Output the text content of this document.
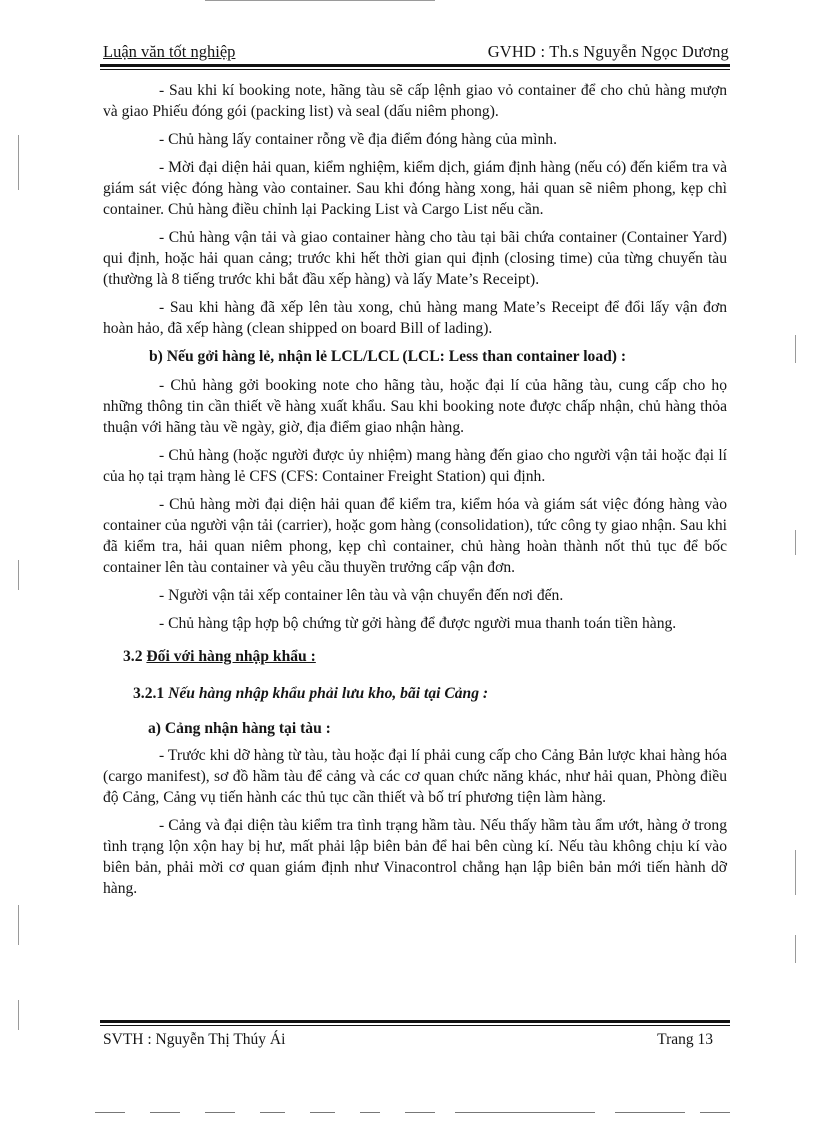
Luận văn tốt nghiệp	GVHD : Th.s Nguyễn Ngọc Dương

- Sau khi kí booking note, hãng tàu sẽ cấp lệnh giao vỏ container để cho chủ hàng mượn và giao Phiếu đóng gói (packing list) và seal (dấu niêm phong).

- Chủ hàng lấy container rỗng về địa điểm đóng hàng của mình.

- Mời đại diện hải quan, kiểm nghiệm, kiểm dịch, giám định hàng (nếu có) đến kiểm tra và giám sát việc đóng hàng vào container. Sau khi đóng hàng xong, hải quan sẽ niêm phong, kẹp chì container. Chủ hàng điều chỉnh lại Packing List và Cargo List nếu cần.

- Chủ hàng vận tải và giao container hàng cho tàu tại bãi chứa container (Container Yard) qui định, hoặc hải quan cảng; trước khi hết thời gian qui định (closing time) của từng chuyến tàu (thường là 8 tiếng trước khi bắt đầu xếp hàng) và lấy Mate’s Receipt).

- Sau khi hàng đã xếp lên tàu xong, chủ hàng mang Mate’s Receipt để đổi lấy vận đơn hoàn hảo, đã xếp hàng (clean shipped on board Bill of lading).

b) Nếu gởi hàng lẻ, nhận lẻ LCL/LCL (LCL: Less than container load) :

- Chủ hàng gởi booking note cho hãng tàu, hoặc đại lí của hãng tàu, cung cấp cho họ những thông tin cần thiết về hàng xuất khẩu. Sau khi booking note được chấp nhận, chủ hàng thỏa thuận với hãng tàu về ngày, giờ, địa điểm giao nhận hàng.

- Chủ hàng (hoặc người được ủy nhiệm) mang hàng đến giao cho người vận tải hoặc đại lí của họ tại trạm hàng lẻ CFS (CFS: Container Freight Station) qui định.

- Chủ hàng mời đại diện hải quan để kiểm tra, kiểm hóa và giám sát việc đóng hàng vào container của người vận tải (carrier), hoặc gom hàng (consolidation), tức công ty giao nhận. Sau khi đã kiểm tra, hải quan niêm phong, kẹp chì container, chủ hàng hoàn thành nốt thủ tục để bốc container lên tàu container và yêu cầu thuyền trưởng cấp vận đơn.

- Người vận tải xếp container lên tàu và vận chuyển đến nơi đến.

- Chủ hàng tập hợp bộ chứng từ gởi hàng để được người mua thanh toán tiền hàng.

3.2 Đối với hàng nhập khẩu :
3.2.1 Nếu hàng nhập khẩu phải lưu kho, bãi tại Cảng :
a) Cảng nhận hàng tại tàu :

- Trước khi dỡ hàng từ tàu, tàu hoặc đại lí phải cung cấp cho Cảng Bản lược khai hàng hóa (cargo manifest), sơ đồ hầm tàu để cảng và các cơ quan chức năng khác, như hải quan, Phòng điều độ Cảng, Cảng vụ tiến hành các thủ tục cần thiết và bố trí phương tiện làm hàng.

- Cảng và đại diện tàu kiểm tra tình trạng hầm tàu. Nếu thấy hầm tàu ẩm ướt, hàng ở trong tình trạng lộn xộn hay bị hư, mất phải lập biên bản để hai bên cùng kí. Nếu tàu không chịu kí vào biên bản, phải mời cơ quan giám định như Vinacontrol chẳng hạn lập biên bản mới tiến hành dỡ hàng.

SVTH : Nguyễn Thị Thúy Ái	Trang 13
